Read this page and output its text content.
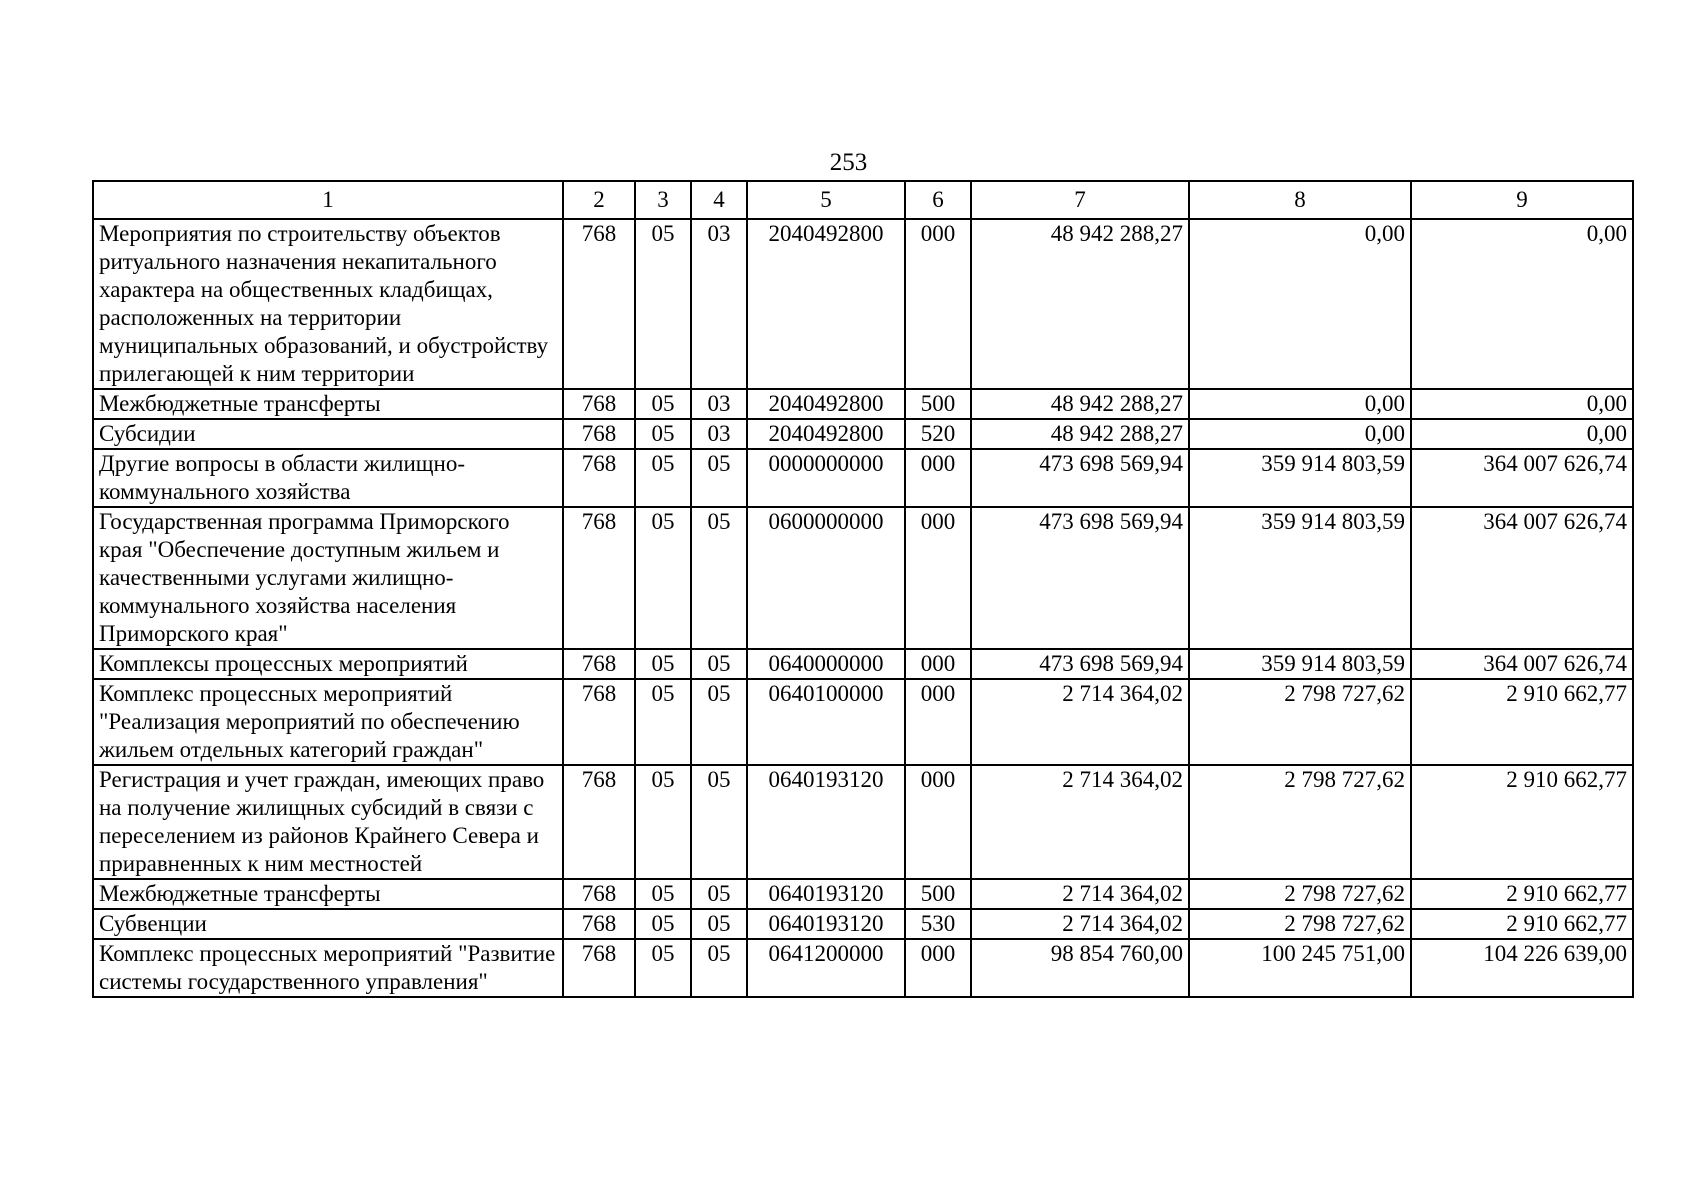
253
1	2	3	4	5	6	7	8	9
Мероприятия по строительству объектов ритуального назначения некапитального характера на общественных кладбищах, расположенных на территории муниципальных образований, и обустройству прилегающей к ним территории	768	05	03	2040492800	000	48 942 288,27	0,00	0,00
Межбюджетные трансферты	768	05	03	2040492800	500	48 942 288,27	0,00	0,00
Субсидии	768	05	03	2040492800	520	48 942 288,27	0,00	0,00
Другие вопросы в области жилищно-коммунального хозяйства	768	05	05	0000000000	000	473 698 569,94	359 914 803,59	364 007 626,74
Государственная программа Приморского края "Обеспечение доступным жильем и качественными услугами жилищно-коммунального хозяйства населения Приморского края"	768	05	05	0600000000	000	473 698 569,94	359 914 803,59	364 007 626,74
Комплексы процессных мероприятий	768	05	05	0640000000	000	473 698 569,94	359 914 803,59	364 007 626,74
Комплекс процессных мероприятий "Реализация мероприятий по обеспечению жильем отдельных категорий граждан"	768	05	05	0640100000	000	2 714 364,02	2 798 727,62	2 910 662,77
Регистрация и учет граждан, имеющих право на получение жилищных субсидий в связи с переселением из районов Крайнего Севера и приравненных к ним местностей	768	05	05	0640193120	000	2 714 364,02	2 798 727,62	2 910 662,77
Межбюджетные трансферты	768	05	05	0640193120	500	2 714 364,02	2 798 727,62	2 910 662,77
Субвенции	768	05	05	0640193120	530	2 714 364,02	2 798 727,62	2 910 662,77
Комплекс процессных мероприятий "Развитие системы государственного управления"	768	05	05	0641200000	000	98 854 760,00	100 245 751,00	104 226 639,00
